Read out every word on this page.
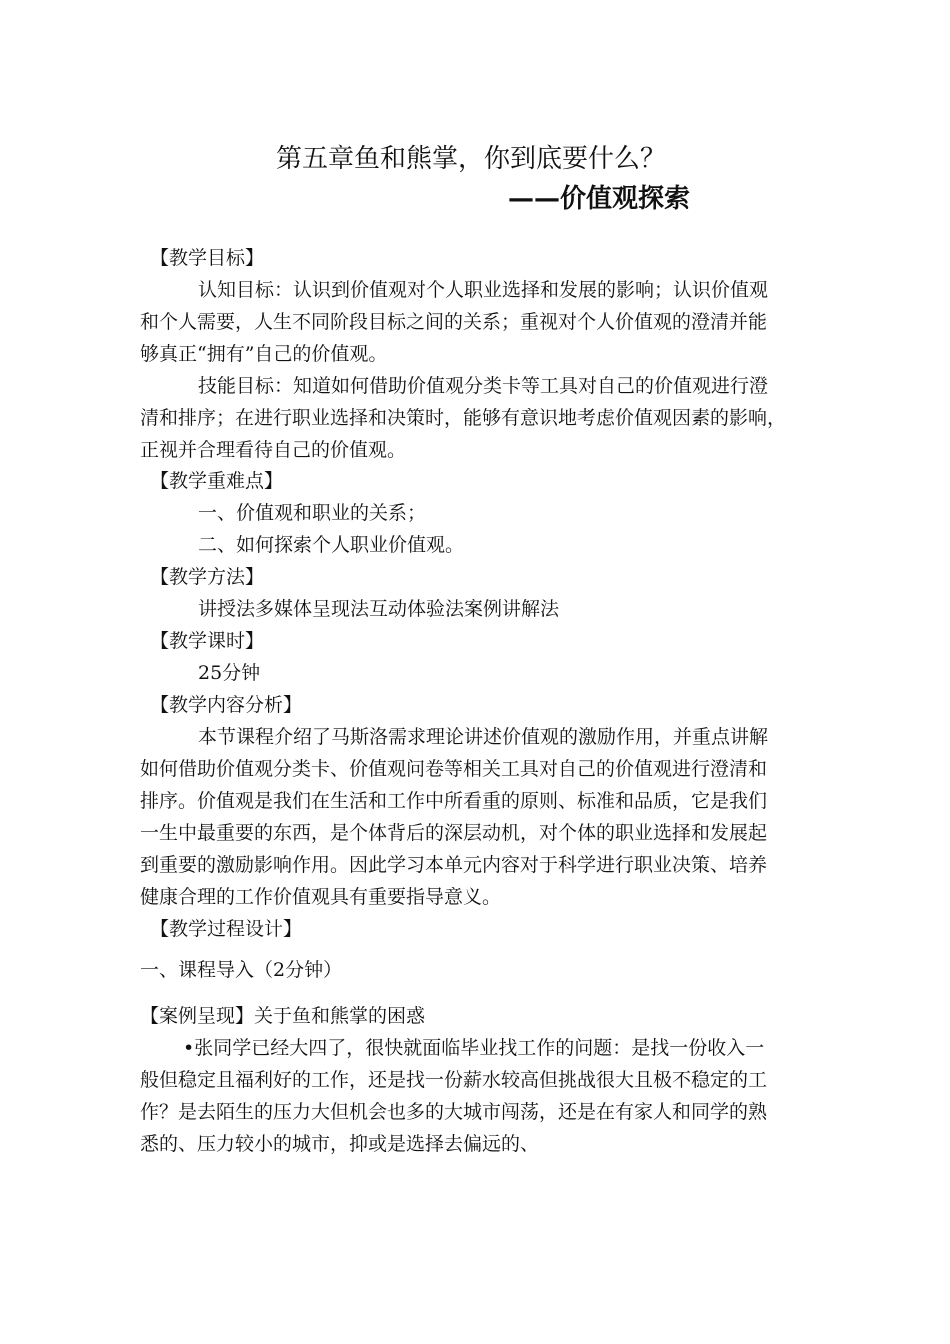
第五章鱼和熊掌，你到底要什么？
——价值观探索

【教学目标】

认知目标：认识到价值观对个人职业选择和发展的影响；认识价值观

和个人需要，人生不同阶段目标之间的关系；重视对个人价值观的澄清并能

够真正“拥有”自己的价值观。

技能目标：知道如何借助价值观分类卡等工具对自己的价值观进行澄

清和排序；在进行职业选择和决策时，能够有意识地考虑价值观因素的影响，

正视并合理看待自己的价值观。

【教学重难点】

一、价值观和职业的关系；

二、如何探索个人职业价值观。

【教学方法】

讲授法多媒体呈现法互动体验法案例讲解法

【教学课时】

25分钟

【教学内容分析】

本节课程介绍了马斯洛需求理论讲述价值观的激励作用，并重点讲解

如何借助价值观分类卡、价值观问卷等相关工具对自己的价值观进行澄清和

排序。价值观是我们在生活和工作中所看重的原则、标准和品质，它是我们

一生中最重要的东西，是个体背后的深层动机，对个体的职业选择和发展起

到重要的激励影响作用。因此学习本单元内容对于科学进行职业决策、培养

健康合理的工作价值观具有重要指导意义。

【教学过程设计】

一、课程导入（2分钟）

【案例呈现】关于鱼和熊掌的困惑

•张同学已经大四了，很快就面临毕业找工作的问题：是找一份收入一

般但稳定且福利好的工作，还是找一份薪水较高但挑战很大且极不稳定的工

作？是去陌生的压力大但机会也多的大城市闯荡，还是在有家人和同学的熟

悉的、压力较小的城市，抑或是选择去偏远的、
